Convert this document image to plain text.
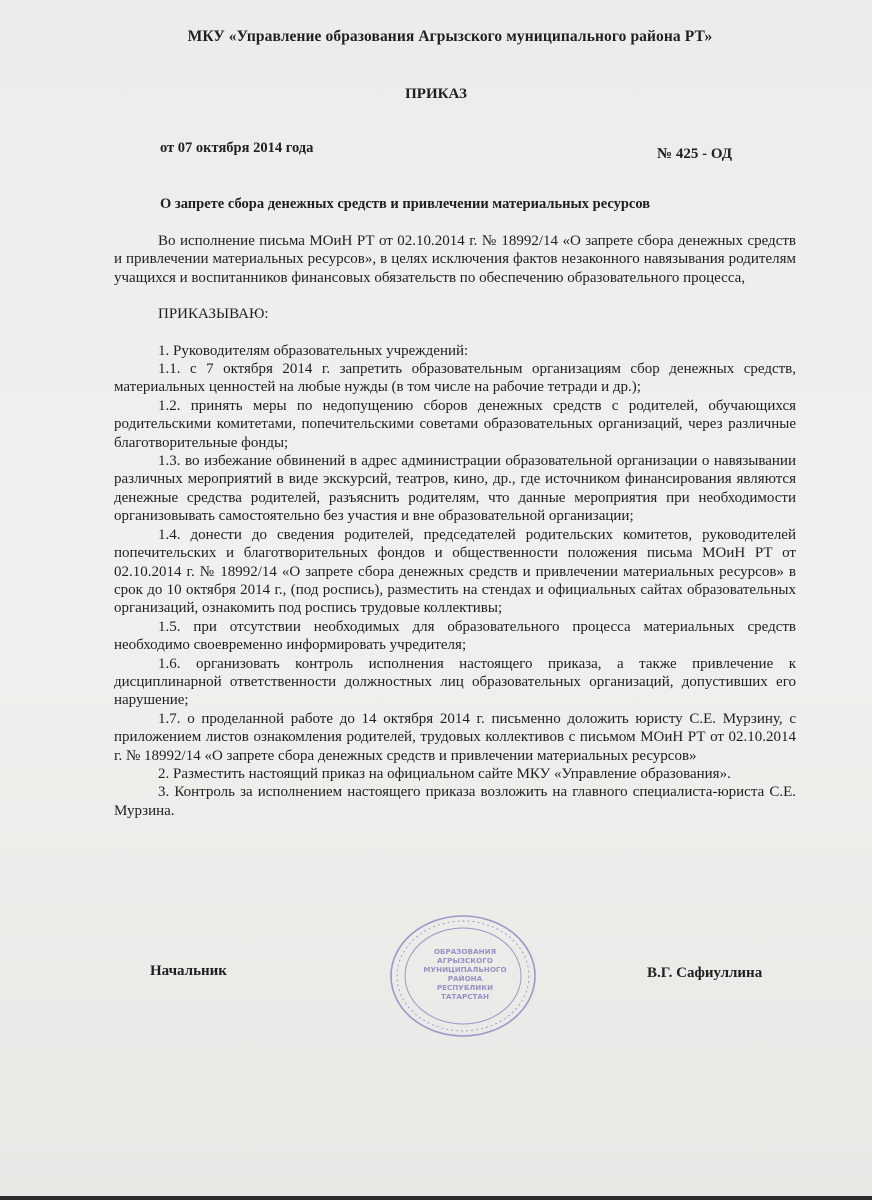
МКУ «Управление образования Агрызского муниципального района РТ»
ПРИКАЗ
от 07 октября 2014 года	№ 425 - ОД
О запрете сбора денежных средств и привлечении материальных ресурсов

Во исполнение письма МОиН РТ от 02.10.2014 г. № 18992/14 «О запрете сбора денежных средств и привлечении материальных ресурсов», в целях исключения фактов незаконного навязывания родителям учащихся и воспитанников финансовых обязательств по обеспечению образовательного процесса,

ПРИКАЗЫВАЮ:

1. Руководителям образовательных учреждений:

1.1. с 7 октября 2014 г. запретить образовательным организациям сбор денежных средств, материальных ценностей на любые нужды (в том числе на рабочие тетради и др.);

1.2. принять меры по недопущению сборов денежных средств с родителей, обучающихся родительскими комитетами, попечительскими советами образовательных организаций, через различные благотворительные фонды;

1.3. во избежание обвинений в адрес администрации образовательной организации о навязывании различных мероприятий в виде экскурсий, театров, кино, др., где источником финансирования являются денежные средства родителей, разъяснить родителям, что данные мероприятия при необходимости организовывать самостоятельно без участия и вне образовательной организации;

1.4. донести до сведения родителей, председателей родительских комитетов, руководителей попечительских и благотворительных фондов и общественности положения письма МОиН РТ от 02.10.2014 г. № 18992/14 «О запрете сбора денежных средств и привлечении материальных ресурсов» в срок до 10 октября 2014 г., (под роспись), разместить на стендах и официальных сайтах образовательных организаций, ознакомить под роспись трудовые коллективы;

1.5. при отсутствии необходимых для образовательного процесса материальных средств необходимо своевременно информировать учредителя;

1.6. организовать контроль исполнения настоящего приказа, а также привлечение к дисциплинарной ответственности должностных лиц образовательных организаций, допустивших его нарушение;

1.7. о проделанной работе до 14 октября 2014 г. письменно доложить юристу С.Е. Мурзину, с приложением листов ознакомления родителей, трудовых коллективов с письмом МОиН РТ от 02.10.2014 г. № 18992/14 «О запрете сбора денежных средств и привлечении материальных ресурсов»

2. Разместить настоящий приказ на официальном сайте МКУ «Управление образования».

3. Контроль за исполнением настоящего приказа возложить на главного специалиста-юриста С.Е. Мурзина.

ОБРАЗОВАНИЯ
АГРЫЗСКОГО
МУНИЦИПАЛЬНОГО
РАЙОНА
РЕСПУБЛИКИ
ТАТАРСТАН
Начальник	В.Г. Сафиуллина
